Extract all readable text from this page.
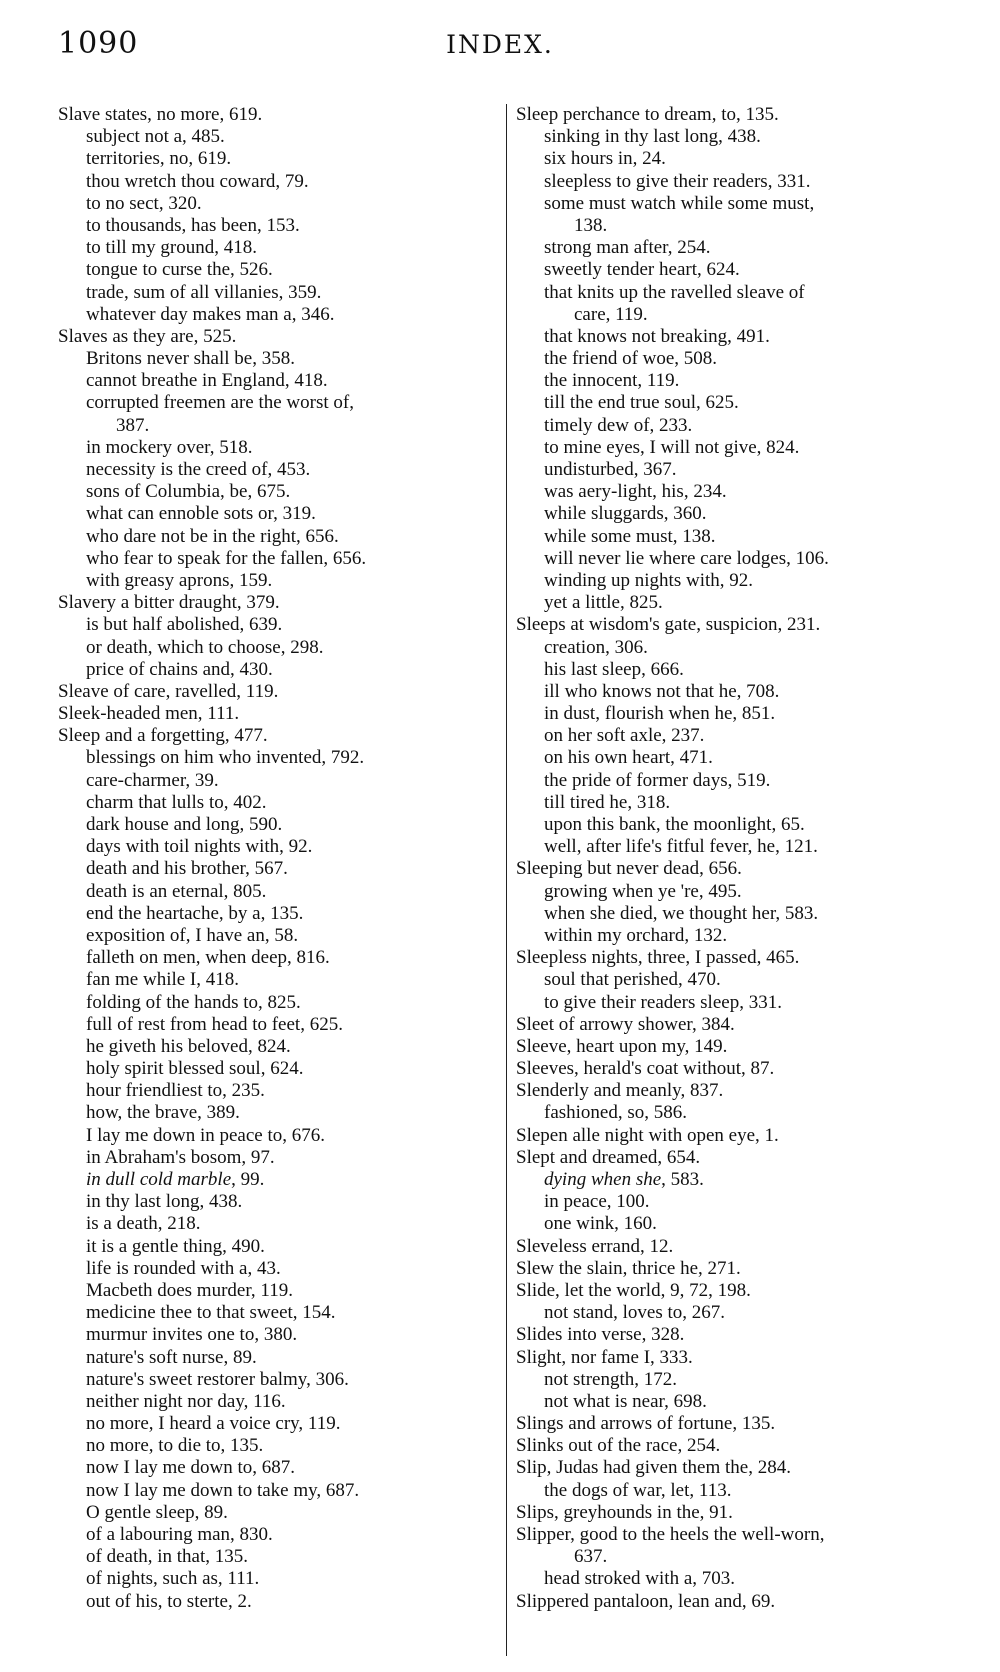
1090	INDEX.
Slave states, no more, 619.
subject not a, 485.
territories, no, 619.
thou wretch thou coward, 79.
to no sect, 320.
to thousands, has been, 153.
to till my ground, 418.
tongue to curse the, 526.
trade, sum of all villanies, 359.
whatever day makes man a, 346.
Slaves as they are, 525.
Britons never shall be, 358.
cannot breathe in England, 418.
corrupted freemen are the worst of,
387.
in mockery over, 518.
necessity is the creed of, 453.
sons of Columbia, be, 675.
what can ennoble sots or, 319.
who dare not be in the right, 656.
who fear to speak for the fallen, 656.
with greasy aprons, 159.
Slavery a bitter draught, 379.
is but half abolished, 639.
or death, which to choose, 298.
price of chains and, 430.
Sleave of care, ravelled, 119.
Sleek-headed men, 111.
Sleep and a forgetting, 477.
blessings on him who invented, 792.
care-charmer, 39.
charm that lulls to, 402.
dark house and long, 590.
days with toil nights with, 92.
death and his brother, 567.
death is an eternal, 805.
end the heartache, by a, 135.
exposition of, I have an, 58.
falleth on men, when deep, 816.
fan me while I, 418.
folding of the hands to, 825.
full of rest from head to feet, 625.
he giveth his beloved, 824.
holy spirit blessed soul, 624.
hour friendliest to, 235.
how, the brave, 389.
I lay me down in peace to, 676.
in Abraham's bosom, 97.
in dull cold marble, 99.
in thy last long, 438.
is a death, 218.
it is a gentle thing, 490.
life is rounded with a, 43.
Macbeth does murder, 119.
medicine thee to that sweet, 154.
murmur invites one to, 380.
nature's soft nurse, 89.
nature's sweet restorer balmy, 306.
neither night nor day, 116.
no more, I heard a voice cry, 119.
no more, to die to, 135.
now I lay me down to, 687.
now I lay me down to take my, 687.
O gentle sleep, 89.
of a labouring man, 830.
of death, in that, 135.
of nights, such as, 111.
out of his, to sterte, 2.
Sleep perchance to dream, to, 135.
sinking in thy last long, 438.
six hours in, 24.
sleepless to give their readers, 331.
some must watch while some must,
138.
strong man after, 254.
sweetly tender heart, 624.
that knits up the ravelled sleave of
care, 119.
that knows not breaking, 491.
the friend of woe, 508.
the innocent, 119.
till the end true soul, 625.
timely dew of, 233.
to mine eyes, I will not give, 824.
undisturbed, 367.
was aery-light, his, 234.
while sluggards, 360.
while some must, 138.
will never lie where care lodges, 106.
winding up nights with, 92.
yet a little, 825.
Sleeps at wisdom's gate, suspicion, 231.
creation, 306.
his last sleep, 666.
ill who knows not that he, 708.
in dust, flourish when he, 851.
on her soft axle, 237.
on his own heart, 471.
the pride of former days, 519.
till tired he, 318.
upon this bank, the moonlight, 65.
well, after life's fitful fever, he, 121.
Sleeping but never dead, 656.
growing when ye 're, 495.
when she died, we thought her, 583.
within my orchard, 132.
Sleepless nights, three, I passed, 465.
soul that perished, 470.
to give their readers sleep, 331.
Sleet of arrowy shower, 384.
Sleeve, heart upon my, 149.
Sleeves, herald's coat without, 87.
Slenderly and meanly, 837.
fashioned, so, 586.
Slepen alle night with open eye, 1.
Slept and dreamed, 654.
dying when she, 583.
in peace, 100.
one wink, 160.
Sleveless errand, 12.
Slew the slain, thrice he, 271.
Slide, let the world, 9, 72, 198.
not stand, loves to, 267.
Slides into verse, 328.
Slight, nor fame I, 333.
not strength, 172.
not what is near, 698.
Slings and arrows of fortune, 135.
Slinks out of the race, 254.
Slip, Judas had given them the, 284.
the dogs of war, let, 113.
Slips, greyhounds in the, 91.
Slipper, good to the heels the well-worn,
637.
head stroked with a, 703.
Slippered pantaloon, lean and, 69.
